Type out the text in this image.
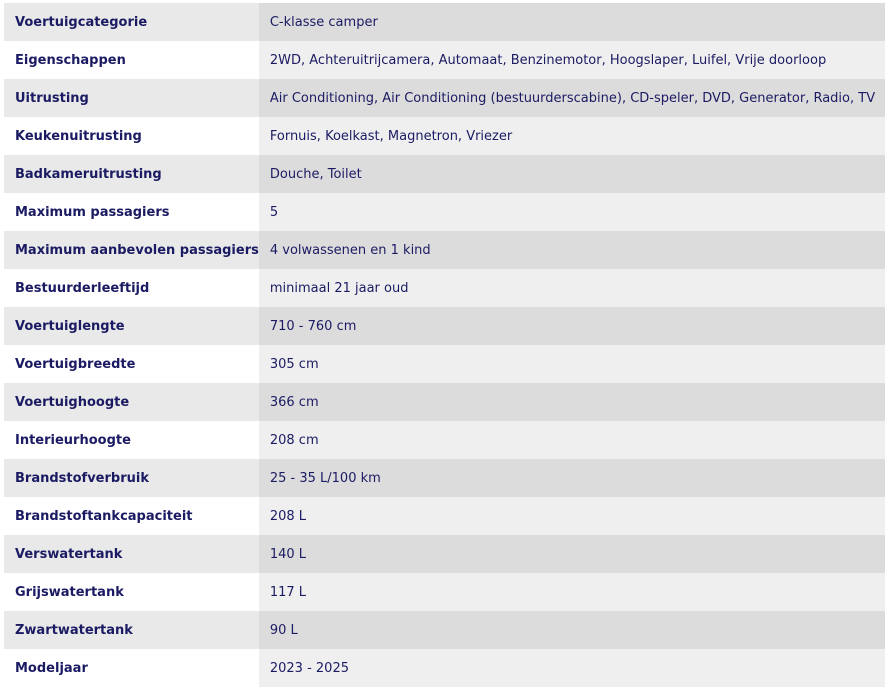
Voertuigcategorie	C-klasse camper
Eigenschappen	2WD, Achteruitrijcamera, Automaat, Benzinemotor, Hoogslaper, Luifel, Vrije doorloop
Uitrusting	Air Conditioning, Air Conditioning (bestuurderscabine), CD-speler, DVD, Generator, Radio, TV
Keukenuitrusting	Fornuis, Koelkast, Magnetron, Vriezer
Badkameruitrusting	Douche, Toilet
Maximum passagiers	5
Maximum aanbevolen passagiers	4 volwassenen en 1 kind
Bestuurderleeftijd	minimaal 21 jaar oud
Voertuiglengte	710 - 760 cm
Voertuigbreedte	305 cm
Voertuighoogte	366 cm
Interieurhoogte	208 cm
Brandstofverbruik	25 - 35 L/100 km
Brandstoftankcapaciteit	208 L
Verswatertank	140 L
Grijswatertank	117 L
Zwartwatertank	90 L
Modeljaar	2023 - 2025
